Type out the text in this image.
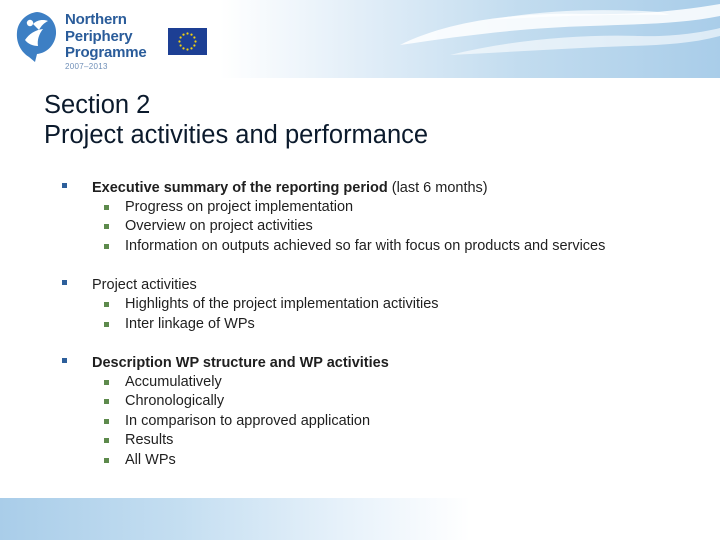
Northern
Periphery
Programme
2007–2013
Section 2
Project activities and performance
Executive summary of the reporting period (last 6 months)
Progress on project implementation
Overview on project activities
Information on outputs achieved so far with focus on products and services
Project activities
Highlights of the project implementation activities
Inter linkage of WPs
Description WP structure and WP activities
Accumulatively
Chronologically
In comparison to approved application
Results
All WPs
